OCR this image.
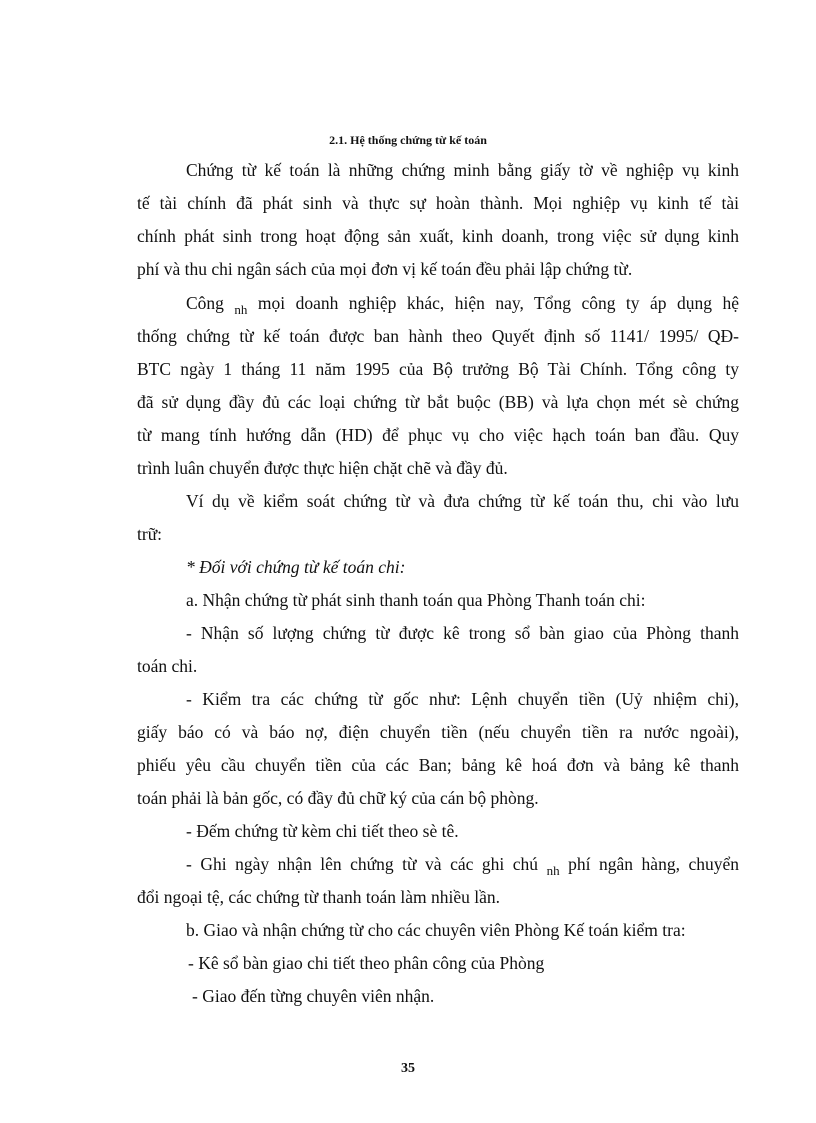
2.1. Hệ thống chứng từ kế toán
Chứng từ kế toán là những chứng minh bằng giấy tờ về nghiệp vụ kinh
tế tài chính đã phát sinh và thực sự hoàn thành. Mọi nghiệp vụ kinh tế tài
chính phát sinh trong hoạt động sản xuất, kinh doanh, trong việc sử dụng kinh
phí và thu chi ngân sách của mọi đơn vị kế toán đều phải lập chứng từ.
Công $_{nh}$ mọi doanh nghiệp khác, hiện nay, Tổng công ty áp dụng hệ
thống chứng từ kế toán được ban hành theo Quyết định số 1141/ 1995/ QĐ-
BTC ngày 1 tháng 11 năm 1995 của Bộ trưởng Bộ Tài Chính. Tổng công ty
đã sử dụng đầy đủ các loại chứng từ bắt buộc (BB) và lựa chọn mét sè chứng
từ mang tính hướng dẫn (HD) để phục vụ cho việc hạch toán ban đầu. Quy
trình luân chuyển được thực hiện chặt chẽ và đầy đủ.
Ví dụ về kiểm soát chứng từ và đưa chứng từ kế toán thu, chi vào lưu
trữ:
* Đối với chứng từ kế toán chi:
a. Nhận chứng từ phát sinh thanh toán qua Phòng Thanh toán chi:
- Nhận số lượng chứng từ được kê trong sổ bàn giao của Phòng thanh
toán chi.
- Kiểm tra các chứng từ gốc như: Lệnh chuyển tiền (Uỷ nhiệm chi),
giấy báo có và báo nợ, điện chuyển tiền (nếu chuyển tiền ra nước ngoài),
phiếu yêu cầu chuyển tiền của các Ban; bảng kê hoá đơn và bảng kê thanh
toán phải là bản gốc, có đầy đủ chữ ký của cán bộ phòng.
- Đếm chứng từ kèm chi tiết theo sè tê.
- Ghi ngày nhận lên chứng từ và các ghi chú $_{nh}$ phí ngân hàng, chuyển
đổi ngoại tệ, các chứng từ thanh toán làm nhiều lần.
b. Giao và nhận chứng từ cho các chuyên viên Phòng Kế toán kiểm tra:
- Kê sổ bàn giao chi tiết theo phân công của Phòng
- Giao đến từng chuyên viên nhận.
35
